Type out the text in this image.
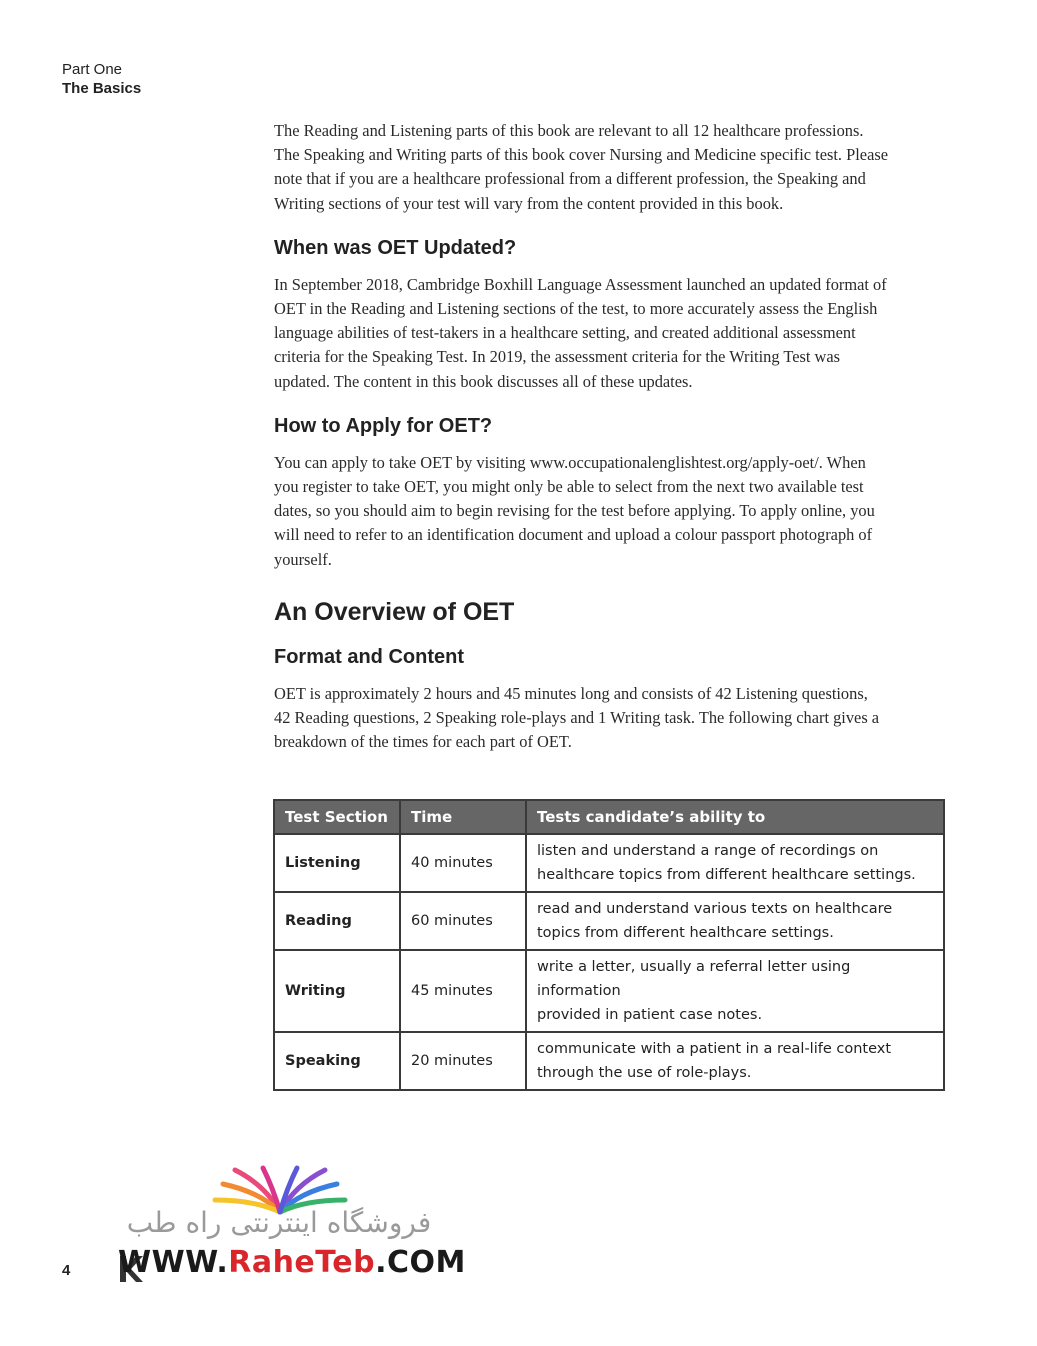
Part One
The Basics

The Reading and Listening parts of this book are relevant to all 12 healthcare professions.
The Speaking and Writing parts of this book cover Nursing and Medicine specific test. Please
note that if you are a healthcare professional from a different profession, the Speaking and
Writing sections of your test will vary from the content provided in this book.

When was OET Updated?

In September 2018, Cambridge Boxhill Language Assessment launched an updated format of
OET in the Reading and Listening sections of the test, to more accurately assess the English
language abilities of test-takers in a healthcare setting, and created additional assessment
criteria for the Speaking Test. In 2019, the assessment criteria for the Writing Test was
updated. The content in this book discusses all of these updates.

How to Apply for OET?

You can apply to take OET by visiting www.occupationalenglishtest.org/apply-oet/. When
you register to take OET, you might only be able to select from the next two available test
dates, so you should aim to begin revising for the test before applying. To apply online, you
will need to refer to an identification document and upload a colour passport photograph of
yourself.

An Overview of OET
Format and Content

OET is approximately 2 hours and 45 minutes long and consists of 42 Listening questions,
42 Reading questions, 2 Speaking role-plays and 1 Writing task. The following chart gives a
breakdown of the times for each part of OET.

Test Section	Time	Tests candidate’s ability to
Listening	40 minutes	listen and understand a range of recordings on
healthcare topics from different healthcare settings.
Reading	60 minutes	read and understand various texts on healthcare
topics from different healthcare settings.
Writing	45 minutes	write a letter, usually a referral letter using information
provided in patient case notes.
Speaking	20 minutes	communicate with a patient in a real-life context
through the use of role-plays.
فروشگاه اینترنتی راه طب
4 WWW.RaheTeb.COM
